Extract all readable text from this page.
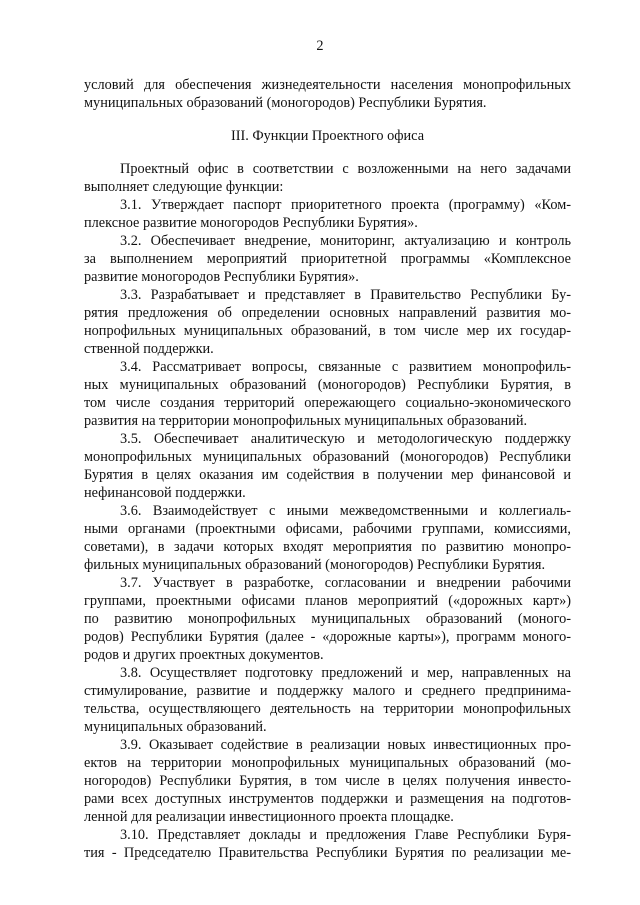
2
условий для обеспечения жизнедеятельности населения монопрофильных
муниципальных образований (моногородов) Республики Бурятия.
III. Функции Проектного офиса
Проектный офис в соответствии с возложенными на него задачами
выполняет следующие функции:
3.1. Утверждает паспорт приоритетного проекта (программу) «Ком-
плексное развитие моногородов Республики Бурятия».
3.2. Обеспечивает внедрение, мониторинг, актуализацию и контроль
за выполнением мероприятий приоритетной программы «Комплексное
развитие моногородов Республики Бурятия».
3.3. Разрабатывает и представляет в Правительство Республики Бу-
рятия предложения об определении основных направлений развития мо-
нопрофильных муниципальных образований, в том числе мер их государ-
ственной поддержки.
3.4. Рассматривает вопросы, связанные с развитием монопрофиль-
ных муниципальных образований (моногородов) Республики Бурятия, в
том числе создания территорий опережающего социально-экономического
развития на территории монопрофильных муниципальных образований.
3.5. Обеспечивает аналитическую и методологическую поддержку
монопрофильных муниципальных образований (моногородов) Республики
Бурятия в целях оказания им содействия в получении мер финансовой и
нефинансовой поддержки.
3.6. Взаимодействует с иными межведомственными и коллегиаль-
ными органами (проектными офисами, рабочими группами, комиссиями,
советами), в задачи которых входят мероприятия по развитию монопро-
фильных муниципальных образований (моногородов) Республики Бурятия.
3.7. Участвует в разработке, согласовании и внедрении рабочими
группами, проектными офисами планов мероприятий («дорожных карт»)
по развитию монопрофильных муниципальных образований (моного-
родов) Республики Бурятия (далее - «дорожные карты»), программ моного-
родов и других проектных документов.
3.8. Осуществляет подготовку предложений и мер, направленных на
стимулирование, развитие и поддержку малого и среднего предпринима-
тельства, осуществляющего деятельность на территории монопрофильных
муниципальных образований.
3.9. Оказывает содействие в реализации новых инвестиционных про-
ектов на территории монопрофильных муниципальных образований (мо-
ногородов) Республики Бурятия, в том числе в целях получения инвесто-
рами всех доступных инструментов поддержки и размещения на подготов-
ленной для реализации инвестиционного проекта площадке.
3.10. Представляет доклады и предложения Главе Республики Буря-
тия - Председателю Правительства Республики Бурятия по реализации ме-
